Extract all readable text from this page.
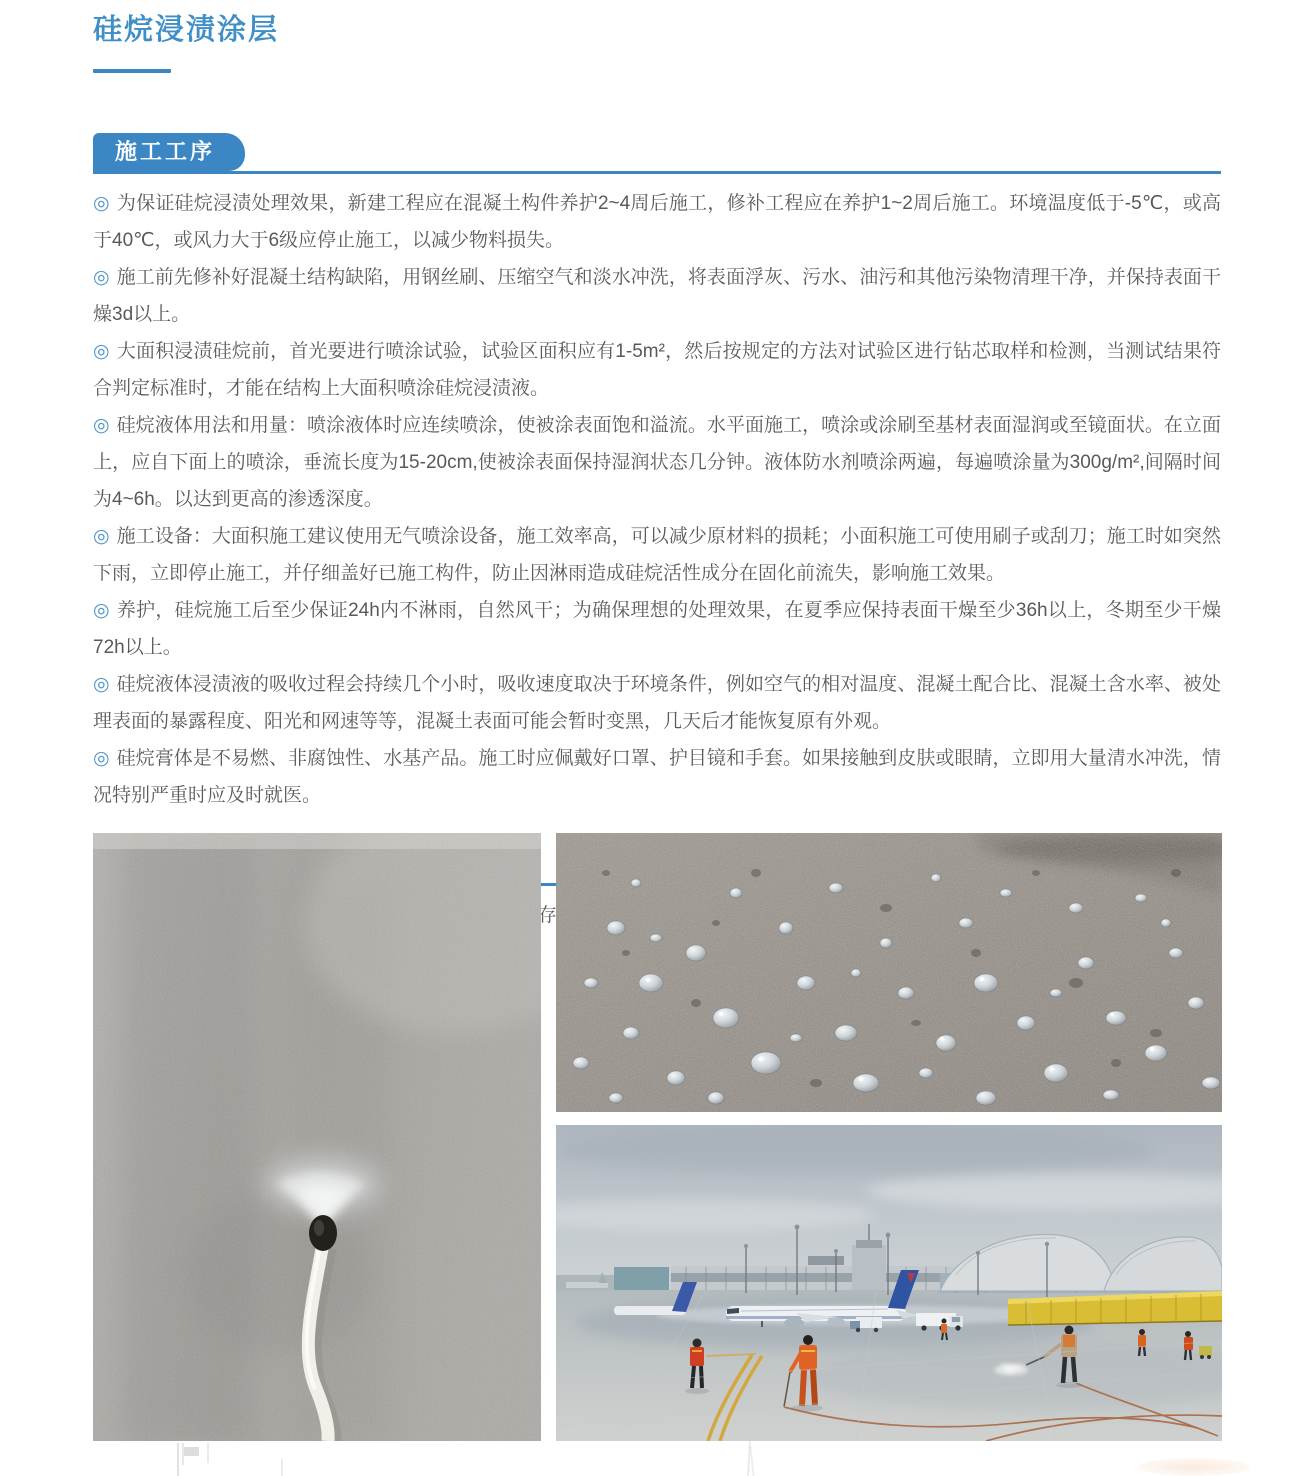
硅烷浸渍涂层
施工工序

◎ 为保证硅烷浸渍处理效果，新建工程应在混凝土构件养护2~4周后施工，修补工程应在养护1~2周后施工。环境温度低于-5℃，或高于40℃，或风力大于6级应停止施工，以减少物料损失。

◎ 施工前先修补好混凝土结构缺陷，用钢丝刷、压缩空气和淡水冲洗，将表面浮灰、污水、油污和其他污染物清理干净，并保持表面干燥3d以上。

◎ 大面积浸渍硅烷前，首光要进行喷涂试验，试验区面积应有1-5m²，然后按规定的方法对试验区进行钻芯取样和检测，当测试结果符合判定标准时，才能在结构上大面积喷涂硅烷浸渍液。

◎ 硅烷液体用法和用量：喷涂液体时应连续喷涂，使被涂表面饱和溢流。水平面施工，喷涂或涂刷至基材表面湿润或至镜面状。在立面上，应自下面上的喷涂，垂流长度为15-20cm,使被涂表面保持湿润状态几分钟。液体防水剂喷涂两遍，每遍喷涂量为300g/m²,间隔时间为4~6h。以达到更高的渗透深度。

◎ 施工设备：大面积施工建议使用无气喷涂设备，施工效率高，可以减少原材料的损耗；小面积施工可使用刷子或刮刀；施工时如突然下雨，立即停止施工，并仔细盖好已施工构件，防止因淋雨造成硅烷活性成分在固化前流失，影响施工效果。

◎ 养护，硅烷施工后至少保证24h内不淋雨，自然风干；为确保理想的处理效果，在夏季应保持表面干燥至少36h以上，冬期至少干燥72h以上。

◎ 硅烷液体浸渍液的吸收过程会持续几个小时，吸收速度取决于环境条件，例如空气的相对温度、混凝土配合比、混凝土含水率、被处理表面的暴露程度、阳光和网速等等，混凝土表面可能会暂时变黑，几天后才能恢复原有外观。

◎ 硅烷膏体是不易燃、非腐蚀性、水基产品。施工时应佩戴好口罩、护目镜和手套。如果接触到皮肤或眼睛，立即用大量清水冲洗，情况特别严重时应及时就医。
